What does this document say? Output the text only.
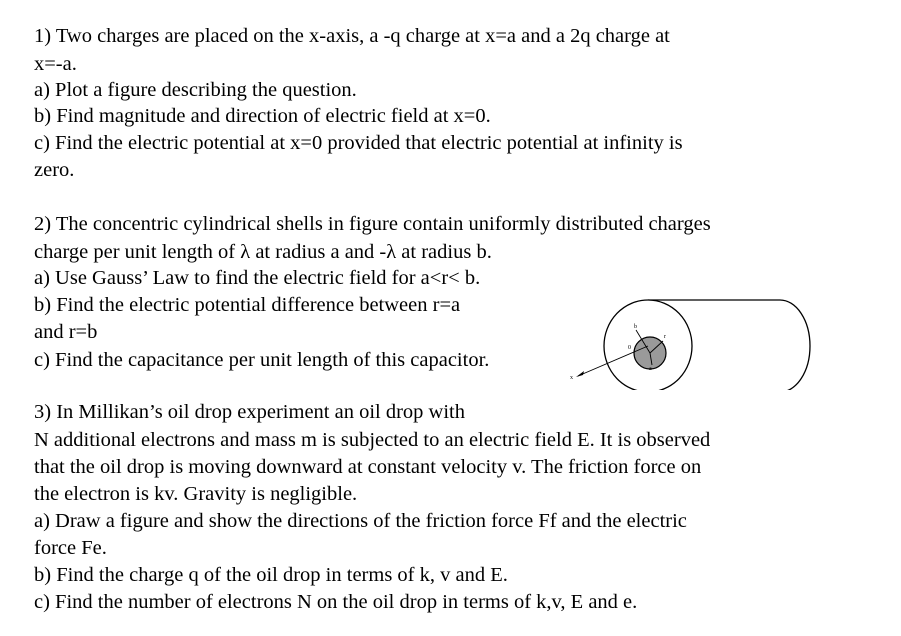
1) Two charges are placed on the x-axis, a -q charge at x=a and a 2q charge at
x=-a.
a) Plot a figure describing the question.
b) Find magnitude and direction of electric field at x=0.
c) Find the electric potential at x=0 provided that electric potential at infinity is
zero.
2) The concentric cylindrical shells in figure contain uniformly distributed charges
charge per unit length of λ at radius a and -λ at radius b.
a) Use Gauss’ Law to find the electric field for a<r< b.
b) Find the electric potential difference between r=a
and r=b
c) Find the capacitance per unit length of this capacitor.
b
r
a
0
x
3) In Millikan’s oil drop experiment an oil drop with
N additional electrons and mass m is subjected to an electric field E. It is observed
that the oil drop is moving downward at constant velocity v. The friction force on
the electron is kv. Gravity is negligible.
a) Draw a figure and show the directions of the friction force Ff and the electric
force Fe.
b) Find the charge q of the oil drop in terms of k, v and E.
c) Find the number of electrons N on the oil drop in terms of k,v, E and e.
